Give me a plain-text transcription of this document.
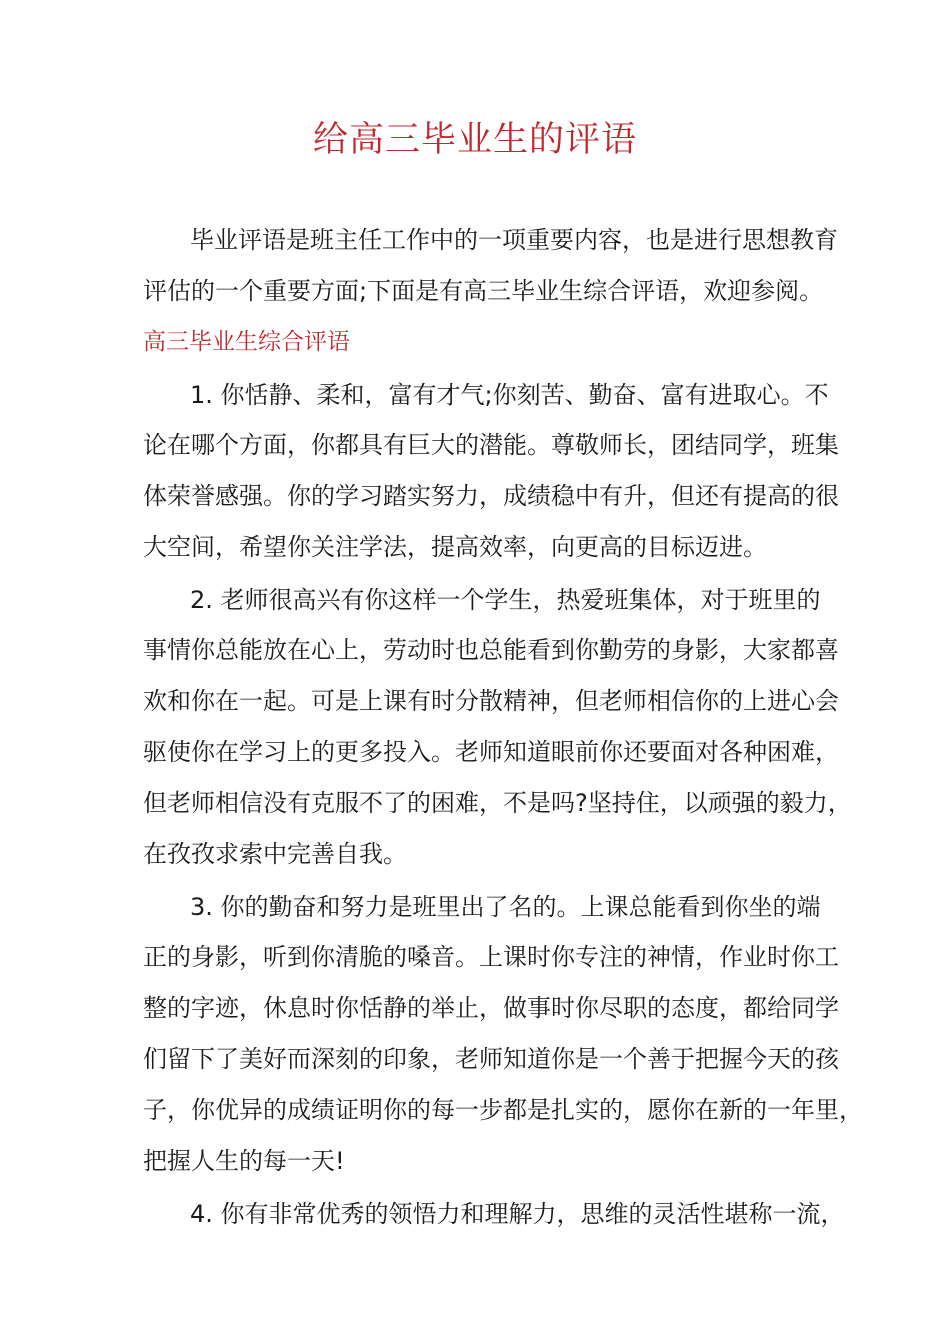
给高三毕业生的评语
毕业评语是班主任工作中的一项重要内容，也是进行思想教育
评估的一个重要方面;下面是有高三毕业生综合评语，欢迎参阅。
高三毕业生综合评语
1. 你恬静、柔和，富有才气;你刻苦、勤奋、富有进取心。不
论在哪个方面，你都具有巨大的潜能。尊敬师长，团结同学，班集
体荣誉感强。你的学习踏实努力，成绩稳中有升，但还有提高的很
大空间，希望你关注学法，提高效率，向更高的目标迈进。
2. 老师很高兴有你这样一个学生，热爱班集体，对于班里的
事情你总能放在心上，劳动时也总能看到你勤劳的身影，大家都喜
欢和你在一起。可是上课有时分散精神，但老师相信你的上进心会
驱使你在学习上的更多投入。老师知道眼前你还要面对各种困难，
但老师相信没有克服不了的困难，不是吗?坚持住，以顽强的毅力，
在孜孜求索中完善自我。
3. 你的勤奋和努力是班里出了名的。上课总能看到你坐的端
正的身影，听到你清脆的嗓音。上课时你专注的神情，作业时你工
整的字迹，休息时你恬静的举止，做事时你尽职的态度，都给同学
们留下了美好而深刻的印象，老师知道你是一个善于把握今天的孩
子，你优异的成绩证明你的每一步都是扎实的，愿你在新的一年里，
把握人生的每一天!
4. 你有非常优秀的领悟力和理解力，思维的灵活性堪称一流，
